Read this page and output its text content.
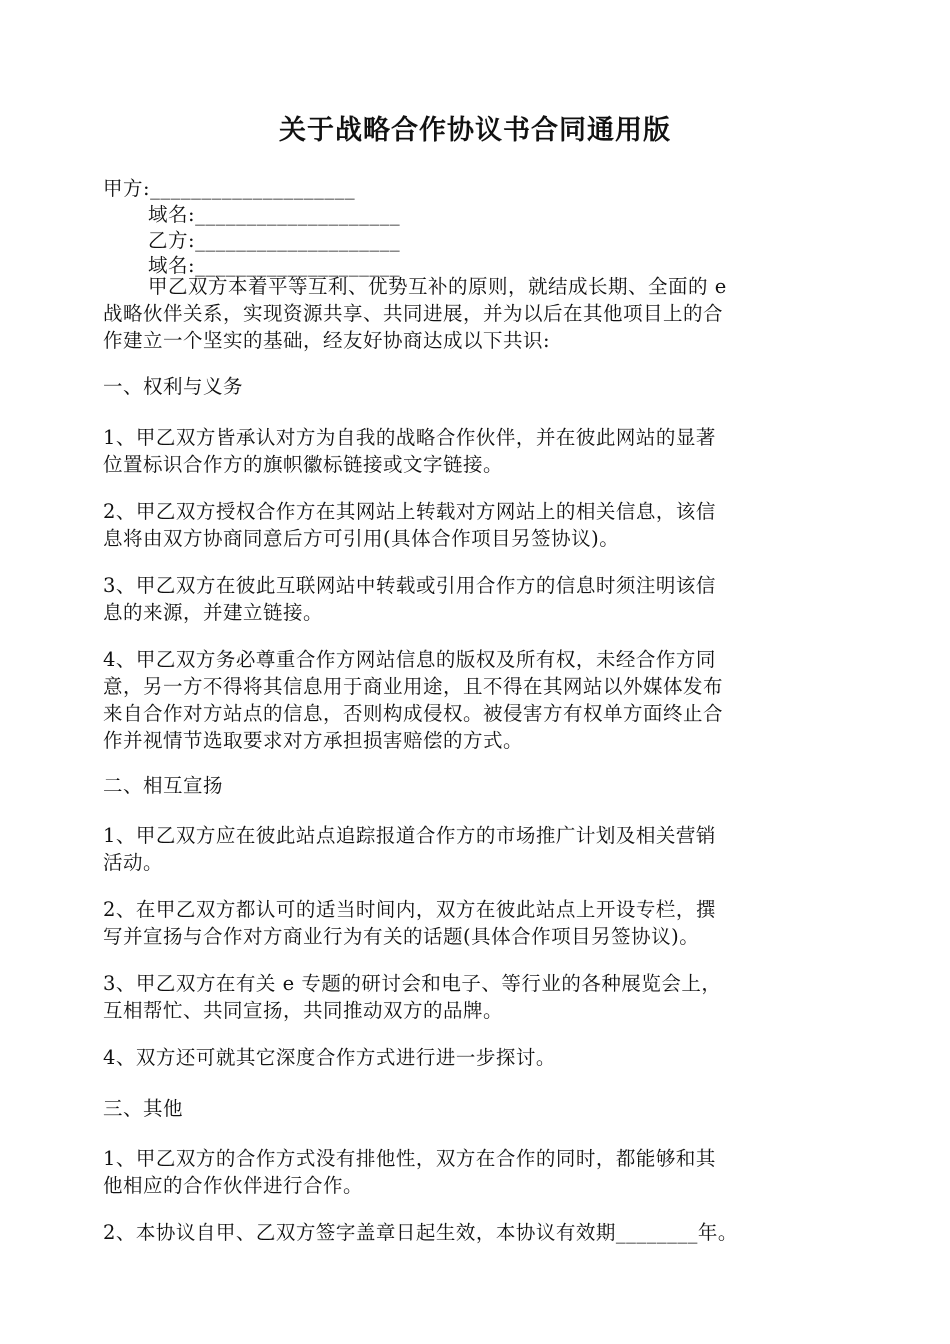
关于战略合作协议书合同通用版
甲方:____________________
域名:____________________
乙方:____________________
域名:____________________
甲乙双方本着平等互利、优势互补的原则，就结成长期、全面的 e
战略伙伴关系，实现资源共享、共同进展，并为以后在其他项目上的合
作建立一个坚实的基础，经友好协商达成以下共识:
一、权利与义务
1、甲乙双方皆承认对方为自我的战略合作伙伴，并在彼此网站的显著
位置标识合作方的旗帜徽标链接或文字链接。
2、甲乙双方授权合作方在其网站上转载对方网站上的相关信息，该信
息将由双方协商同意后方可引用(具体合作项目另签协议)。
3、甲乙双方在彼此互联网站中转载或引用合作方的信息时须注明该信
息的来源，并建立链接。
4、甲乙双方务必尊重合作方网站信息的版权及所有权，未经合作方同
意，另一方不得将其信息用于商业用途，且不得在其网站以外媒体发布
来自合作对方站点的信息，否则构成侵权。被侵害方有权单方面终止合
作并视情节选取要求对方承担损害赔偿的方式。
二、相互宣扬
1、甲乙双方应在彼此站点追踪报道合作方的市场推广计划及相关营销
活动。
2、在甲乙双方都认可的适当时间内，双方在彼此站点上开设专栏，撰
写并宣扬与合作对方商业行为有关的话题(具体合作项目另签协议)。
3、甲乙双方在有关 e 专题的研讨会和电子、等行业的各种展览会上，
互相帮忙、共同宣扬，共同推动双方的品牌。
4、双方还可就其它深度合作方式进行进一步探讨。
三、其他
1、甲乙双方的合作方式没有排他性，双方在合作的同时，都能够和其
他相应的合作伙伴进行合作。
2、本协议自甲、乙双方签字盖章日起生效，本协议有效期________年。
